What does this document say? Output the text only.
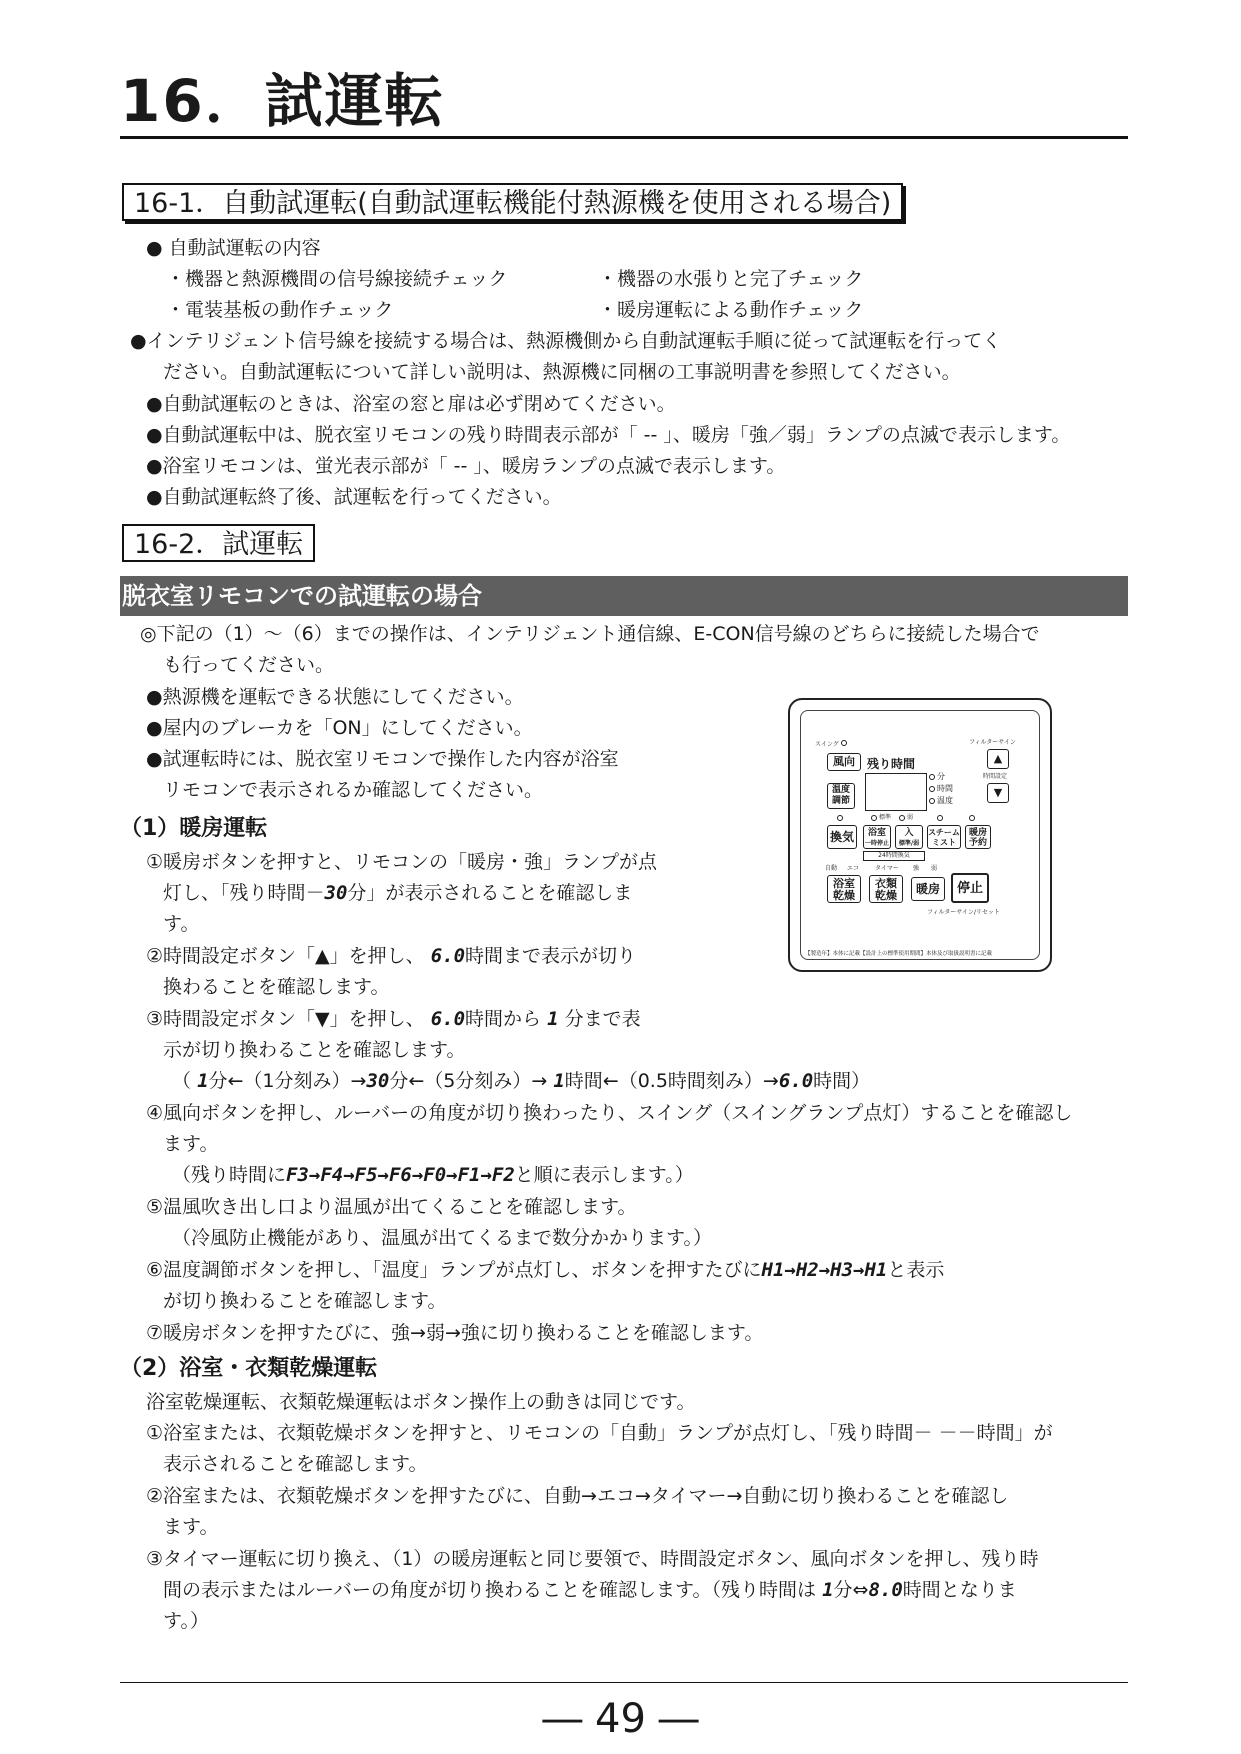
16．試運転
16-1．自動試運転(自動試運転機能付熱源機を使用される場合)
● 自動試運転の内容
・機器と熱源機間の信号線接続チェック	・機器の水張りと完了チェック
・電装基板の動作チェック	・暖房運転による動作チェック
●インテリジェント信号線を接続する場合は、熱源機側から自動試運転手順に従って試運転を行ってく
ださい。自動試運転について詳しい説明は、熱源機に同梱の工事説明書を参照してください。
●自動試運転のときは、浴室の窓と扉は必ず閉めてください。
●自動試運転中は、脱衣室リモコンの残り時間表示部が「 -- 」、暖房「強／弱」ランプの点滅で表示します。
●浴室リモコンは、蛍光表示部が「 -- 」、暖房ランプの点滅で表示します。
●自動試運転終了後、試運転を行ってください。
16-2．試運転
脱衣室リモコンでの試運転の場合
◎下記の（1）～（6）までの操作は、インテリジェント通信線、E-CON信号線のどちらに接続した場合で
も行ってください。
●熱源機を運転できる状態にしてください。
●屋内のブレーカを「ON」にしてください。
●試運転時には、脱衣室リモコンで操作した内容が浴室
リモコンで表示されるか確認してください。
（1）暖房運転
①暖房ボタンを押すと、リモコンの「暖房・強」ランプが点
灯し、「残り時間－30分」が表示されることを確認しま
す。
②時間設定ボタン「▲」を押し、 6.0時間まで表示が切り
換わることを確認します。
③時間設定ボタン「▼」を押し、 6.0時間から 1 分まで表
示が切り換わることを確認します。
（ 1分←（1分刻み）→30分←（5分刻み）→ 1時間←（0.5時間刻み）→6.0時間）
④風向ボタンを押し、ルーバーの角度が切り換わったり、スイング（スイングランプ点灯）することを確認し
ます。
（残り時間にF3→F4→F5→F6→F0→F1→F2と順に表示します。）
⑤温風吹き出し口より温風が出てくることを確認します。
（冷風防止機能があり、温風が出てくるまで数分かかります。）
⑥温度調節ボタンを押し、「温度」ランプが点灯し、ボタンを押すたびにH1→H2→H3→H1と表示
が切り換わることを確認します。
⑦暖房ボタンを押すたびに、強→弱→強に切り換わることを確認します。
（2）浴室・衣類乾燥運転
浴室乾燥運転、衣類乾燥運転はボタン操作上の動きは同じです。
①浴室または、衣類乾燥ボタンを押すと、リモコンの「自動」ランプが点灯し、「残り時間－ －－時間」が
表示されることを確認します。
②浴室または、衣類乾燥ボタンを押すたびに、自動→エコ→タイマー→自動に切り換わることを確認し
ます。
③タイマー運転に切り換え、（1）の暖房運転と同じ要領で、時間設定ボタン、風向ボタンを押し、残り時
間の表示またはルーバーの角度が切り換わることを確認します。（残り時間は 1分⇔8.0時間となりま
す。）
スイング	フィルターサイン
風向	残り時間
分
時間
温度
▲
時間設定
▼
温度
調節
標準	弱
換気	浴室
一時停止
入
標準/弱
スチーム
ミスト
暖房
予約
24時間換気
自動 エコ	タイマー 強 弱
浴室
乾燥
衣類
乾燥	暖房	停止
フィルターサイン/リセット
【製造年】本体に記載【設計上の標準使用期間】本体及び取扱説明書に記載
― 49 ―
